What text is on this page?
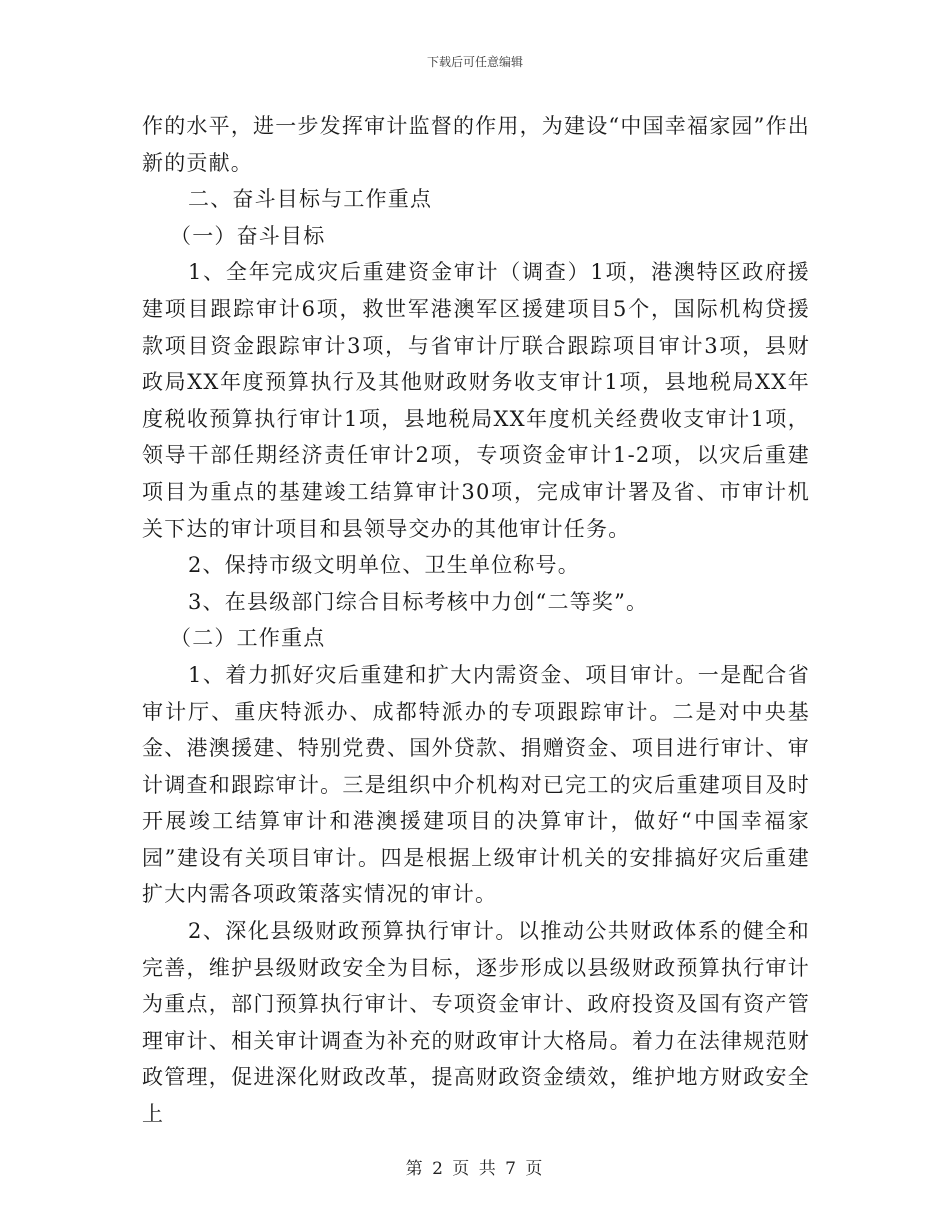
下载后可任意编辑

作的水平，进一步发挥审计监督的作用，为建设“中国幸福家园”作出新的贡献。

二、奋斗目标与工作重点

（一）奋斗目标

1、全年完成灾后重建资金审计（调查）1项，港澳特区政府援建项目跟踪审计6项，救世军港澳军区援建项目5个，国际机构贷援款项目资金跟踪审计3项，与省审计厅联合跟踪项目审计3项，县财政局XX年度预算执行及其他财政财务收支审计1项，县地税局XX年度税收预算执行审计1项，县地税局XX年度机关经费收支审计1项，领导干部任期经济责任审计2项，专项资金审计1-2项，以灾后重建项目为重点的基建竣工结算审计30项，完成审计署及省、市审计机关下达的审计项目和县领导交办的其他审计任务。

2、保持市级文明单位、卫生单位称号。

3、在县级部门综合目标考核中力创“二等奖”。

（二）工作重点

1、着力抓好灾后重建和扩大内需资金、项目审计。一是配合省审计厅、重庆特派办、成都特派办的专项跟踪审计。二是对中央基金、港澳援建、特别党费、国外贷款、捐赠资金、项目进行审计、审计调查和跟踪审计。三是组织中介机构对已完工的灾后重建项目及时开展竣工结算审计和港澳援建项目的决算审计，做好“中国幸福家园”建设有关项目审计。四是根据上级审计机关的安排搞好灾后重建扩大内需各项政策落实情况的审计。

2、深化县级财政预算执行审计。以推动公共财政体系的健全和完善，维护县级财政安全为目标，逐步形成以县级财政预算执行审计为重点，部门预算执行审计、专项资金审计、政府投资及国有资产管理审计、相关审计调查为补充的财政审计大格局。着力在法律规范财政管理，促进深化财政改革，提高财政资金绩效，维护地方财政安全上

第 2 页 共 7 页
